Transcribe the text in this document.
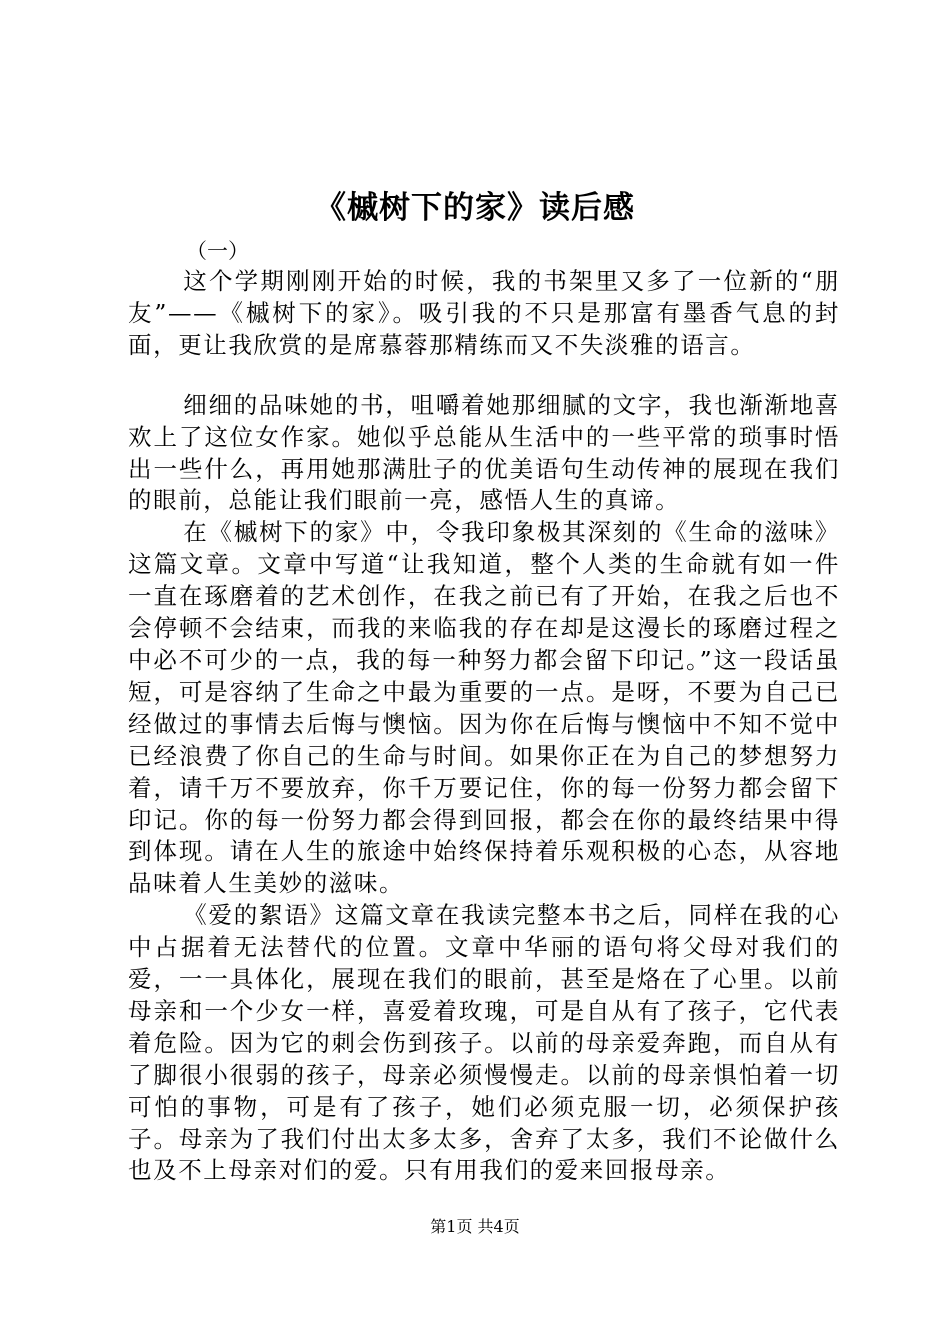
《槭树下的家》读后感
（一）

这个学期刚刚开始的时候，我的书架里又多了一位新的“朋友”——《槭树下的家》。吸引我的不只是那富有墨香气息的封面，更让我欣赏的是席慕蓉那精练而又不失淡雅的语言。

细细的品味她的书，咀嚼着她那细腻的文字，我也渐渐地喜欢上了这位女作家。她似乎总能从生活中的一些平常的琐事时悟出一些什么，再用她那满肚子的优美语句生动传神的展现在我们的眼前，总能让我们眼前一亮，感悟人生的真谛。

在《槭树下的家》中，令我印象极其深刻的《生命的滋味》这篇文章。文章中写道“让我知道，整个人类的生命就有如一件一直在琢磨着的艺术创作，在我之前已有了开始，在我之后也不会停顿不会结束，而我的来临我的存在却是这漫长的琢磨过程之中必不可少的一点，我的每一种努力都会留下印记。”这一段话虽短，可是容纳了生命之中最为重要的一点。是呀，不要为自己已经做过的事情去后悔与懊恼。因为你在后悔与懊恼中不知不觉中已经浪费了你自己的生命与时间。如果你正在为自己的梦想努力着，请千万不要放弃，你千万要记住，你的每一份努力都会留下印记。你的每一份努力都会得到回报，都会在你的最终结果中得到体现。请在人生的旅途中始终保持着乐观积极的心态，从容地品味着人生美妙的滋味。

《爱的絮语》这篇文章在我读完整本书之后，同样在我的心中占据着无法替代的位置。文章中华丽的语句将父母对我们的爱，一一具体化，展现在我们的眼前，甚至是烙在了心里。以前母亲和一个少女一样，喜爱着玫瑰，可是自从有了孩子，它代表着危险。因为它的刺会伤到孩子。以前的母亲爱奔跑，而自从有了脚很小很弱的孩子，母亲必须慢慢走。以前的母亲惧怕着一切可怕的事物，可是有了孩子，她们必须克服一切，必须保护孩子。母亲为了我们付出太多太多，舍弃了太多，我们不论做什么也及不上母亲对们的爱。只有用我们的爱来回报母亲。

第1页 共4页
